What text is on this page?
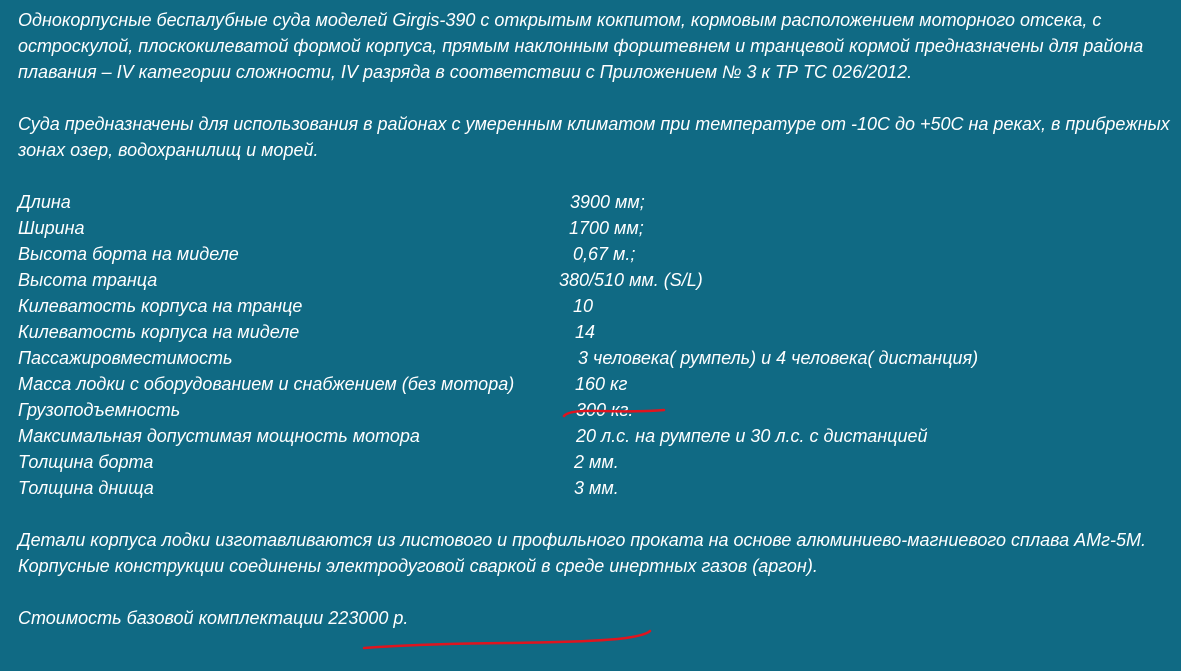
Однокорпусные беспалубные суда моделей Girgis-390 с открытым кокпитом, кормовым расположением моторного отсека, с остроскулой, плоскокилеватой формой корпуса, прямым наклонным форштевнем и транцевой кормой предназначены для района плавания – IV категории сложности, IV разряда в соответствии с Приложением № 3 к ТР ТС 026/2012.

Суда предназначены для использования в районах с умеренным климатом при температуре от -10С до +50С на реках, в прибрежных зонах озер, водохранилищ и морей.

Длина	3900 мм;
Ширина	1700 мм;
Высота борта на миделе	0,67 м.;
Высота транца	380/510 мм. (S/L)
Килеватость корпуса на транце	10
Килеватость корпуса на миделе	14
Пассажировместимость	3 человека( румпель) и 4 человека( дистанция)
Масса лодки с оборудованием и снабжением (без мотора)	160 кг
Грузоподъемность	300 кг.
Максимальная допустимая мощность мотора	20 л.с. на румпеле и 30 л.с. с дистанцией
Толщина борта	2 мм.
Толщина днища	3 мм.

Детали корпуса лодки изготавливаются из листового и профильного проката на основе алюминиево-магниевого сплава АМг-5М. Корпусные конструкции соединены электродуговой сваркой в среде инертных газов (аргон).

Стоимость базовой комплектации 223000 р.
